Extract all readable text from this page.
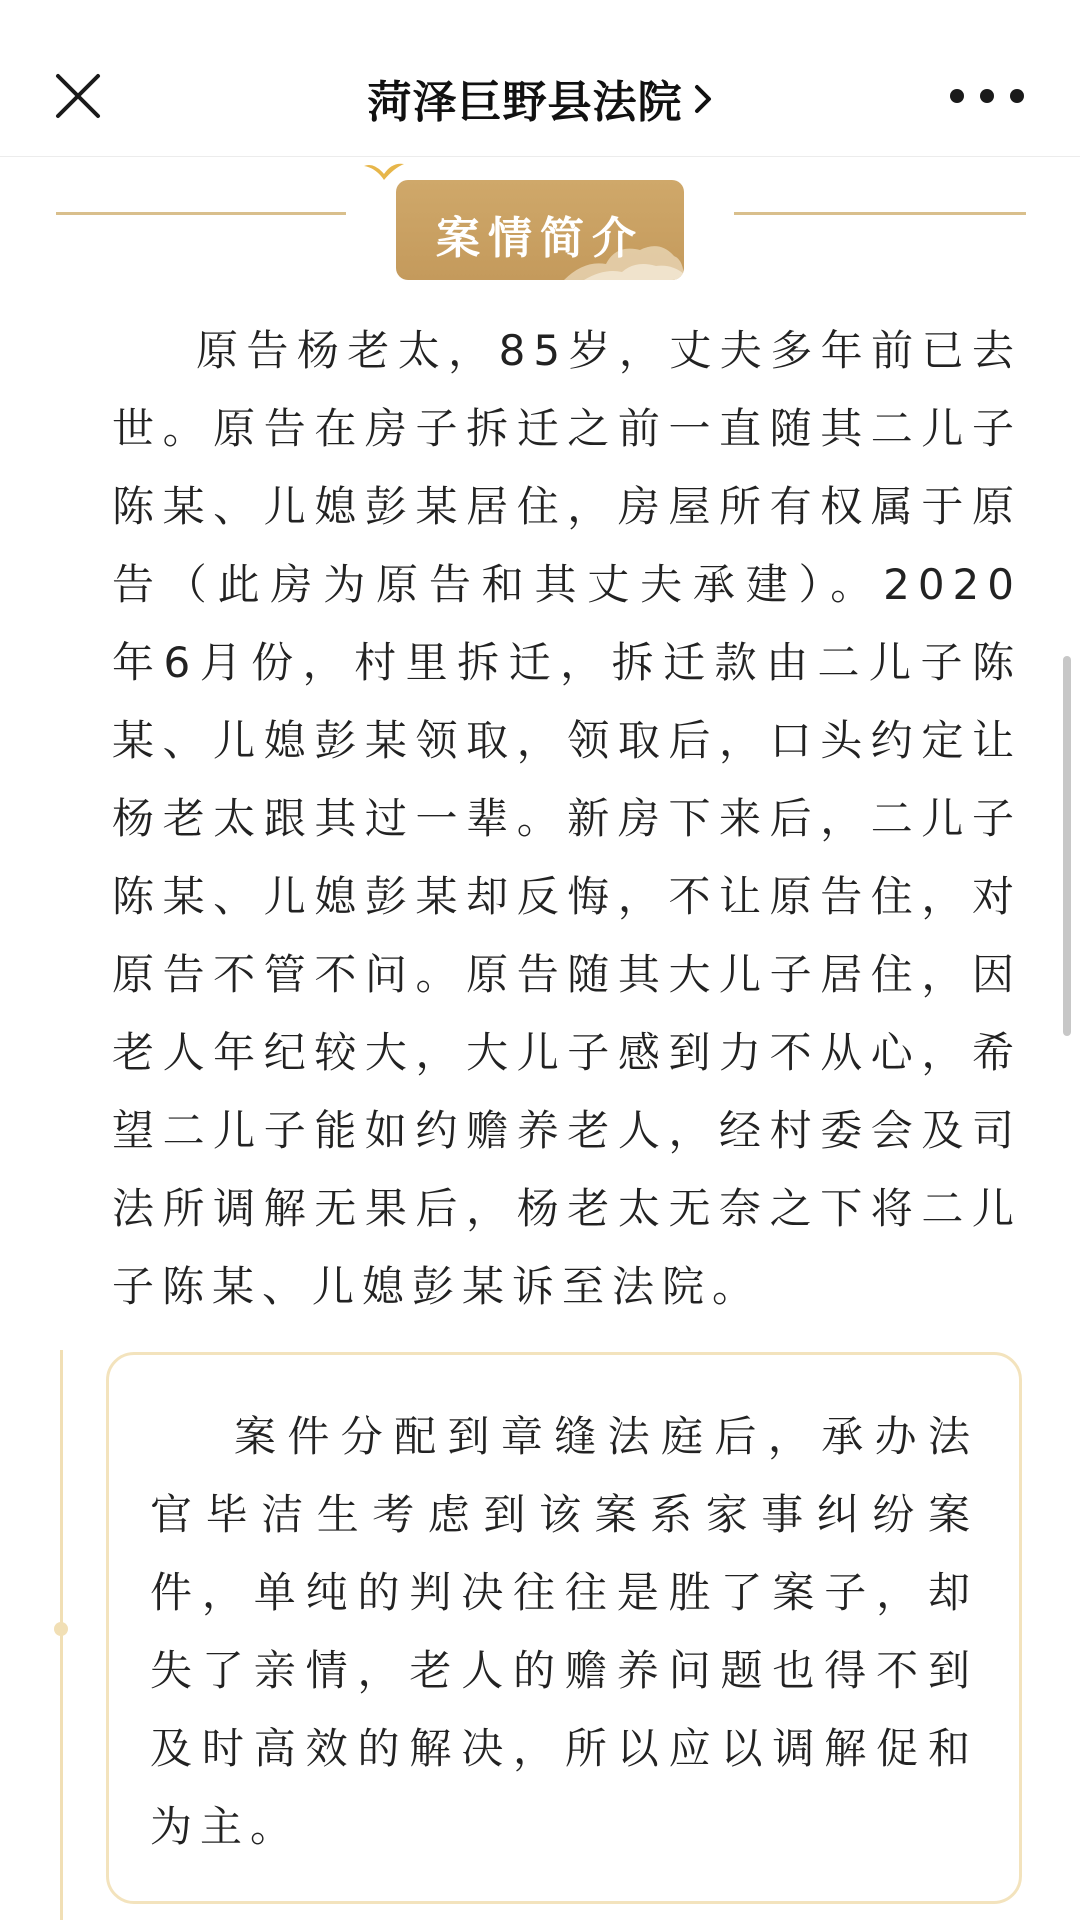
菏泽巨野县法院
案情简介

原告杨老太，85岁，丈夫多年前已去世。原告在房子拆迁之前一直随其二儿子陈某、儿媳彭某居住，房屋所有权属于原告（此房为原告和其丈夫承建）。2020年6月份，村里拆迁，拆迁款由二儿子陈某、儿媳彭某领取，领取后，口头约定让杨老太跟其过一辈。新房下来后，二儿子陈某、儿媳彭某却反悔，不让原告住，对原告不管不问。原告随其大儿子居住，因老人年纪较大，大儿子感到力不从心，希望二儿子能如约赡养老人，经村委会及司法所调解无果后，杨老太无奈之下将二儿子陈某、儿媳彭某诉至法院。

案件分配到章缝法庭后，承办法官毕洁生考虑到该案系家事纠纷案件，单纯的判决往往是胜了案子，却失了亲情，老人的赡养问题也得不到及时高效的解决，所以应以调解促和为主。
